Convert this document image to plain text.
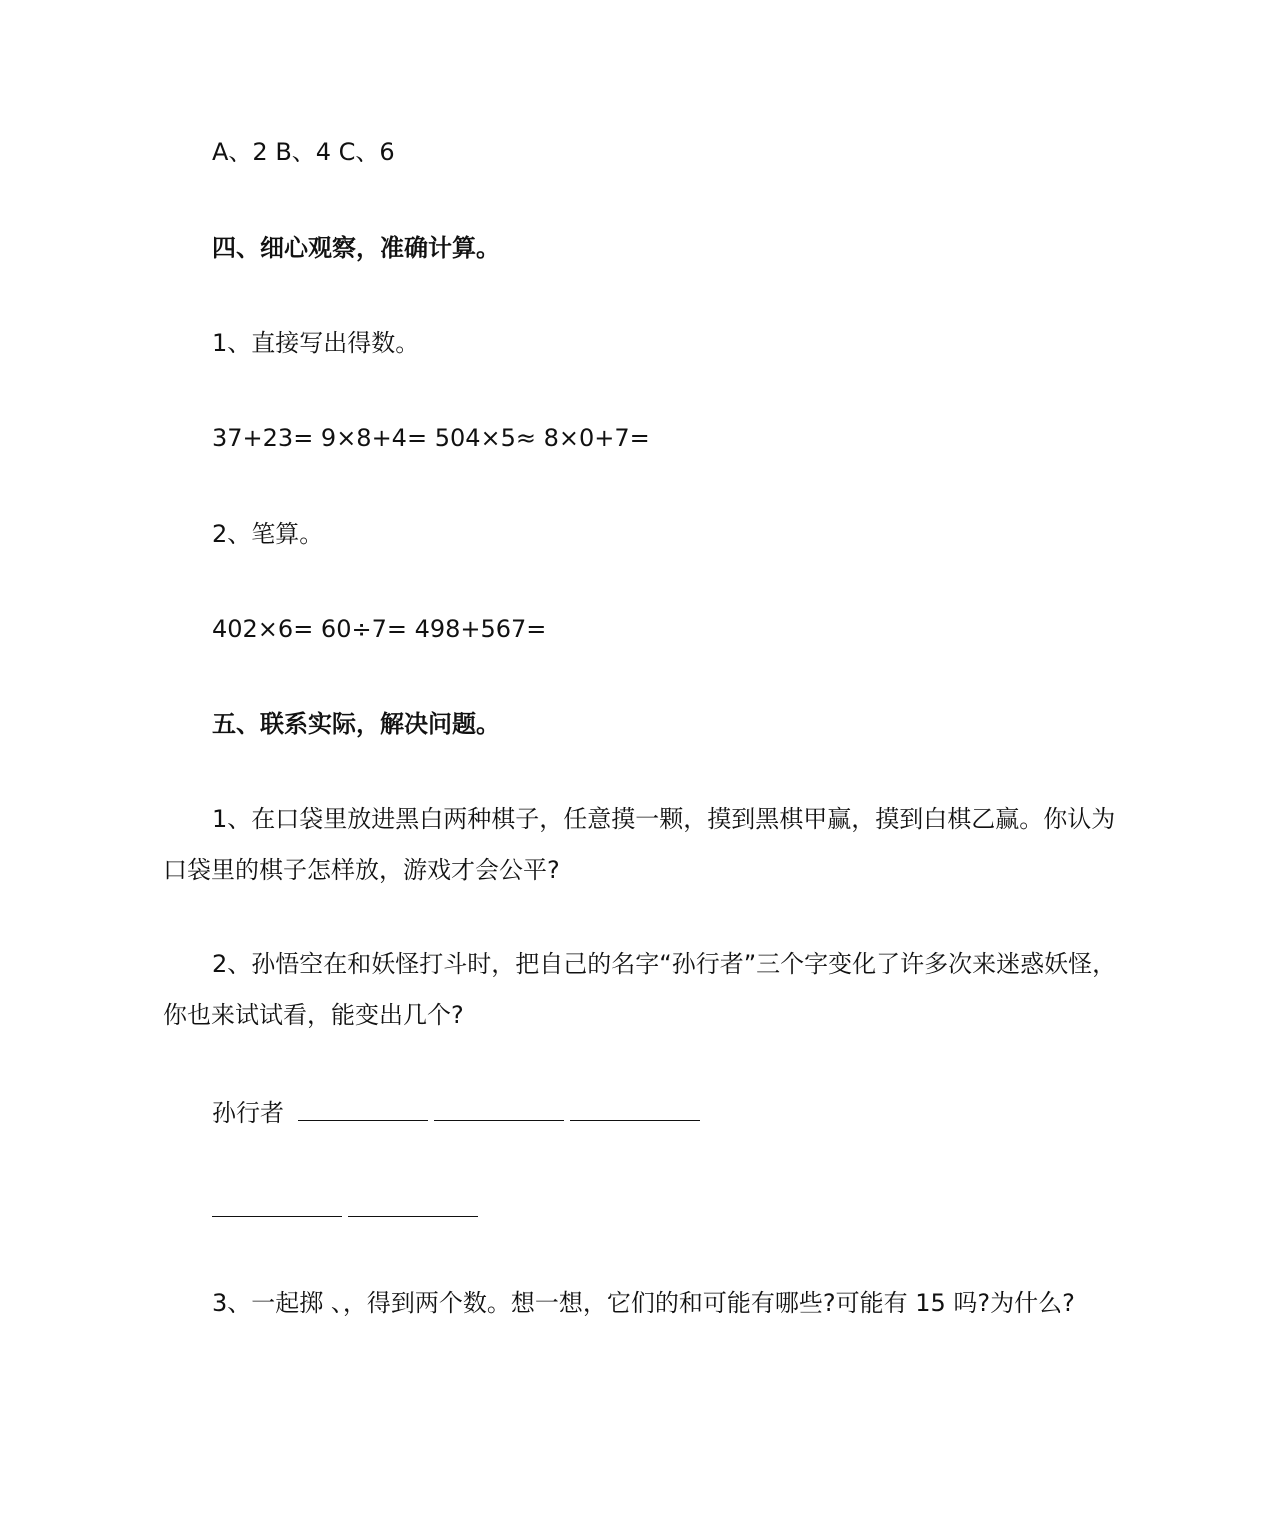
A、2 B、4 C、6
四、细心观察，准确计算。
1、直接写出得数。
37+23= 9×8+4= 504×5≈ 8×0+7=
2、笔算。
402×6= 60÷7= 498+567=
五、联系实际，解决问题。
1、在口袋里放进黑白两种棋子，任意摸一颗，摸到黑棋甲赢，摸到白棋乙赢。你认为口袋里的棋子怎样放，游戏才会公平?
2、孙悟空在和妖怪打斗时，把自己的名字“孙行者”三个字变化了许多次来迷惑妖怪，你也来试试看，能变出几个?
孙行者
3、一起掷 、，得到两个数。想一想，它们的和可能有哪些?可能有 15 吗?为什么?
